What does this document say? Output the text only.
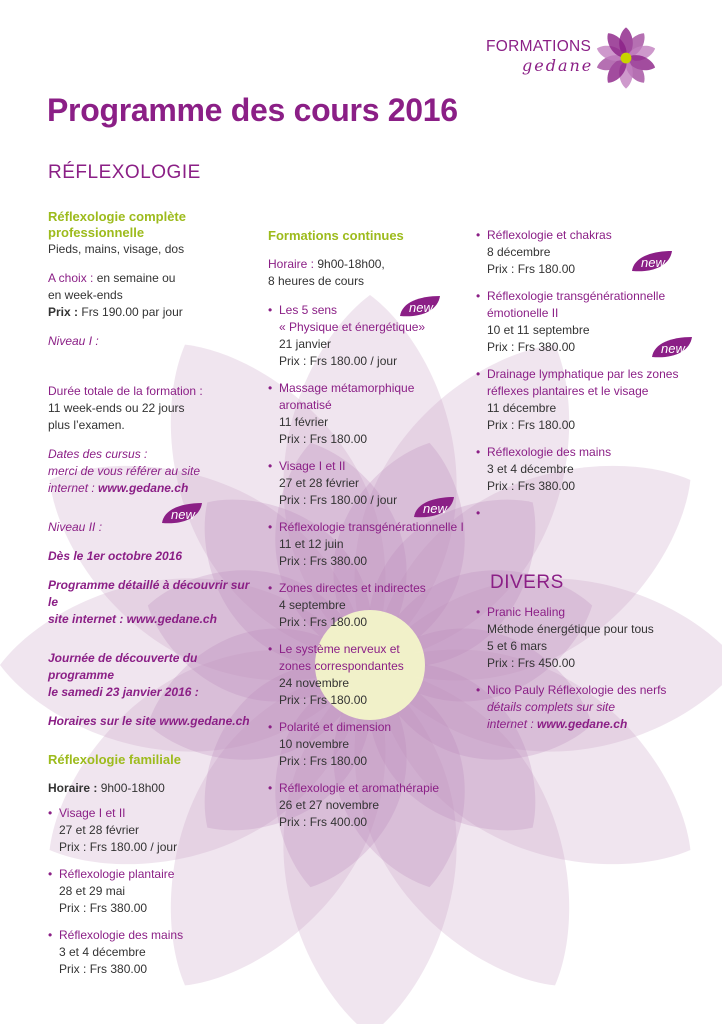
FORMATIONS
gedane
Programme des cours 2016
RÉFLEXOLOGIE

Réflexologie complète
professionnelle

Pieds, mains, visage, dos

A choix : en semaine ou

en week-ends

Prix : Frs 190.00 par jour

Niveau I :

Durée totale de la formation :

11 week-ends ou 22 jours

plus l’examen.

Dates des cursus :

merci de vous référer au site

internet : www.gedane.ch

Niveau II :

Dès le 1er octobre 2016

Programme détaillé à découvrir sur le
site internet : www.gedane.ch

Journée de découverte du programme
le samedi 23 janvier 2016 :

Horaires sur le site www.gedane.ch

Réflexologie familiale

Horaire : 9h00-18h00

• Visage I et II
27 et 28 février
Prix : Frs 180.00 / jour
• Réflexologie plantaire
28 et 29 mai
Prix : Frs 380.00
• Réflexologie des mains
3 et 4 décembre
Prix : Frs 380.00

Formations continues

Horaire : 9h00-18h00,

8 heures de cours

• Les 5 sens
« Physique et énergétique»
21 janvier
Prix : Frs 180.00 / jour
• Massage métamorphique
aromatisé
11 février
Prix : Frs 180.00
• Visage I et II
27 et 28 février
Prix : Frs 180.00 / jour
• Réflexologie transgénérationnelle I
11 et 12 juin
Prix : Frs 380.00
• Zones directes et indirectes
4 septembre
Prix : Frs 180.00
• Le système nerveux et
zones correspondantes
24 novembre
Prix : Frs 180.00
• Polarité et dimension
10 novembre
Prix : Frs 180.00
• Réflexologie et aromathérapie
26 et 27 novembre
Prix : Frs 400.00
• Réflexologie et chakras
8 décembre
Prix : Frs 180.00
• Réflexologie transgénérationnelle
émotionelle II
10 et 11 septembre
Prix : Frs 380.00
• Drainage lymphatique par les zones
réflexes plantaires et le visage
11 décembre
Prix : Frs 180.00
• Réflexologie des mains
3 et 4 décembre
Prix : Frs 380.00
DIVERS
• Pranic Healing
Méthode énergétique pour tous
5 et 6 mars
Prix : Frs 450.00
• Nico Pauly Réflexologie des nerfs
détails complets sur site
internet : www.gedane.ch
new
new
new
new
new
